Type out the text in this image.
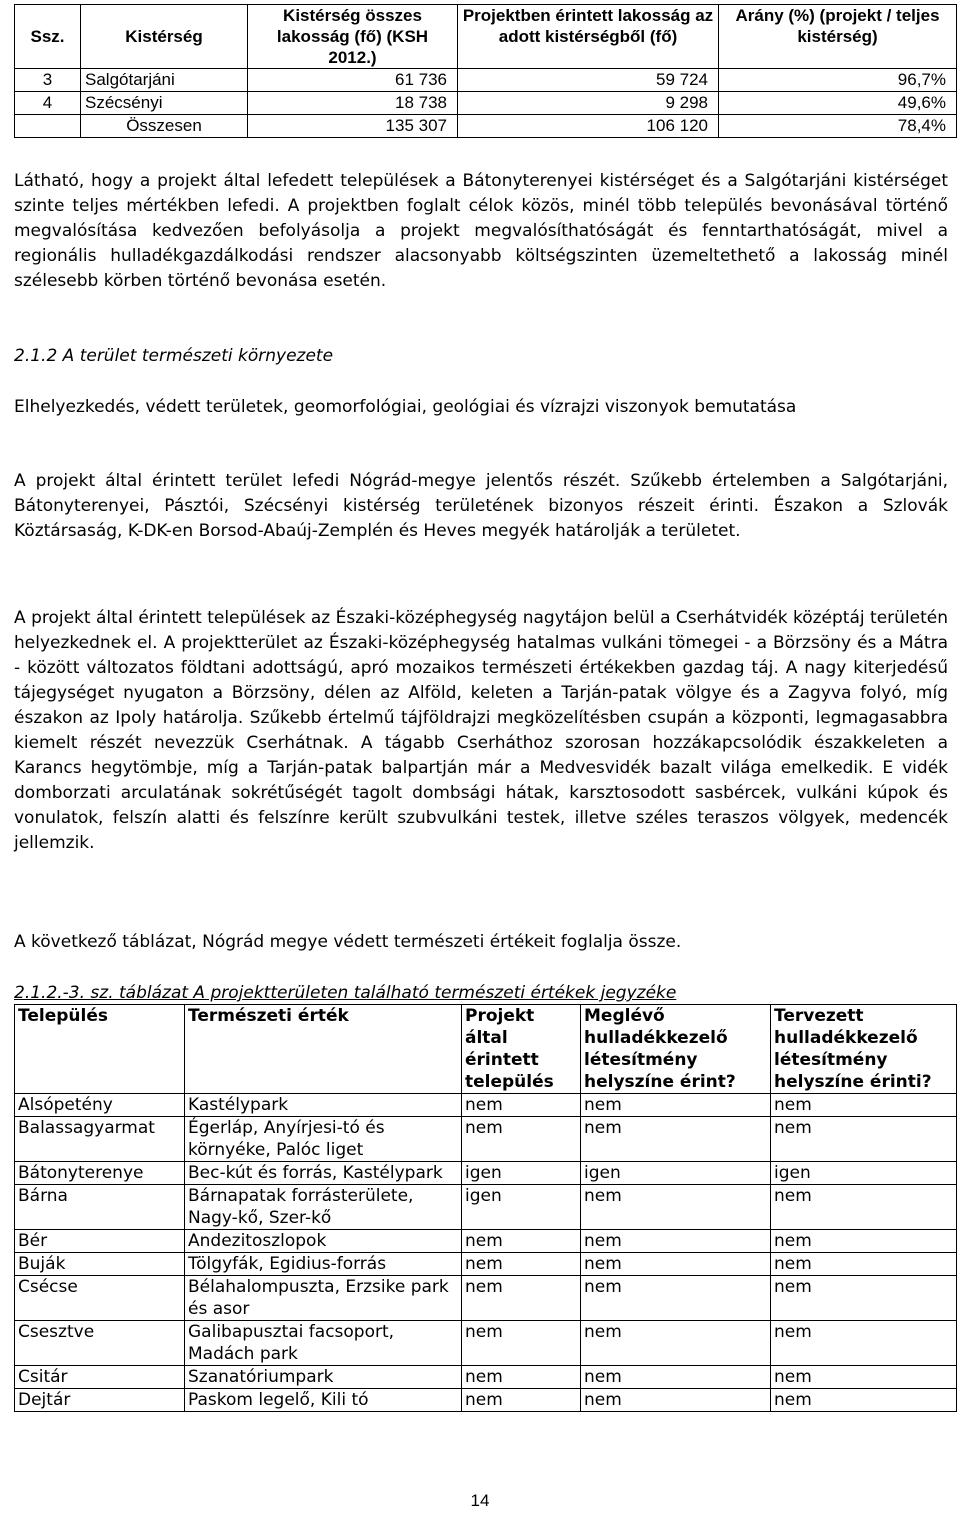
Ssz.	Kistérség	Kistérség összes lakosság (fő) (KSH 2012.)	Projektben érintett lakosság az adott kistérségből (fő)	Arány (%) (projekt / teljes kistérség)
3	Salgótarjáni	61 736	59 724	96,7%
4	Szécsényi	18 738	9 298	49,6%
	Összesen	135 307	106 120	78,4%

Látható, hogy a projekt által lefedett települések a Bátonyterenyei kistérséget és a Salgótarjáni kistérséget szinte teljes mértékben lefedi. A projektben foglalt célok közös, minél több település bevonásával történő megvalósítása kedvezően befolyásolja a projekt megvalósíthatóságát és fenntarthatóságát, mivel a regionális hulladékgazdálkodási rendszer alacsonyabb költségszinten üzemeltethető a lakosság minél szélesebb körben történő bevonása esetén.

2.1.2 A terület természeti környezete

Elhelyezkedés, védett területek, geomorfológiai, geológiai és vízrajzi viszonyok bemutatása

A projekt által érintett terület lefedi Nógrád-megye jelentős részét. Szűkebb értelemben a Salgótarjáni, Bátonyterenyei, Pásztói, Szécsényi kistérség területének bizonyos részeit érinti. Északon a Szlovák Köztársaság, K-DK-en Borsod-Abaúj-Zemplén és Heves megyék határolják a területet.

A projekt által érintett települések az Északi-középhegység nagytájon belül a Cserhátvidék középtáj területén helyezkednek el. A projektterület az Északi-középhegység hatalmas vulkáni tömegei - a Börzsöny és a Mátra - között változatos földtani adottságú, apró mozaikos természeti értékekben gazdag táj. A nagy kiterjedésű tájegységet nyugaton a Börzsöny, délen az Alföld, keleten a Tarján-patak völgye és a Zagyva folyó, míg északon az Ipoly határolja. Szűkebb értelmű tájföldrajzi megközelítésben csupán a központi, legmagasabbra kiemelt részét nevezzük Cserhátnak. A tágabb Cserháthoz szorosan hozzákapcsolódik északkeleten a Karancs hegytömbje, míg a Tarján-patak balpartján már a Medvesvidék bazalt világa emelkedik. E vidék domborzati arculatának sokrétűségét tagolt dombsági hátak, karsztosodott sasbércek, vulkáni kúpok és vonulatok, felszín alatti és felszínre került szubvulkáni testek, illetve széles teraszos völgyek, medencék jellemzik.

A következő táblázat, Nógrád megye védett természeti értékeit foglalja össze.

2.1.2.-3. sz. táblázat A projektterületen található természeti értékek jegyzéke

Település	Természeti érték	Projekt által érintett település	Meglévő hulladékkezelő létesítmény helyszíne érint?	Tervezett hulladékkezelő létesítmény helyszíne érinti?
Alsópetény	Kastélypark	nem	nem	nem
Balassagyarmat	Égerláp, Anyírjesi-tó és környéke, Palóc liget	nem	nem	nem
Bátonyterenye	Bec-kút és forrás, Kastélypark	igen	igen	igen
Bárna	Bárnapatak forrásterülete, Nagy-kő, Szer-kő	igen	nem	nem
Bér	Andezitoszlopok	nem	nem	nem
Buják	Tölgyfák, Egidius-forrás	nem	nem	nem
Csécse	Bélahalompuszta, Erzsike park és asor	nem	nem	nem
Csesztve	Galibapusztai facsoport, Madách park	nem	nem	nem
Csitár	Szanatóriumpark	nem	nem	nem
Dejtár	Paskom legelő, Kili tó	nem	nem	nem
14
